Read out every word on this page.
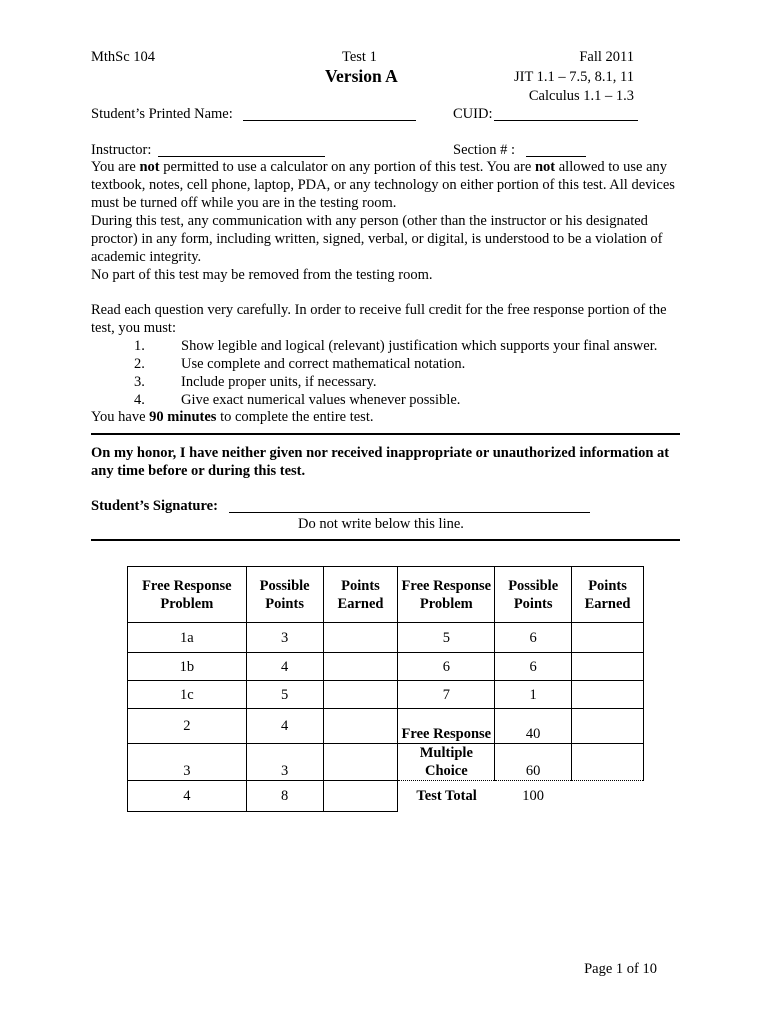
MthSc 104	Test 1
Version A
Fall 2011
JIT 1.1 – 7.5, 8.1, 11
Calculus 1.1 – 1.3
Student’s Printed Name:	CUID:
Instructor:	Section # :

You are not permitted to use a calculator on any portion of this test. You are not allowed to use any textbook, notes, cell phone, laptop, PDA, or any technology on either portion of this test. All devices must be turned off while you are in the testing room.

During this test, any communication with any person (other than the instructor or his designated proctor) in any form, including written, signed, verbal, or digital, is understood to be a violation of academic integrity.

No part of this test may be removed from the testing room.

Read each question very carefully. In order to receive full credit for the free response portion of the test, you must:
1. Show legible and logical (relevant) justification which supports your final answer.
2. Use complete and correct mathematical notation.
3. Include proper units, if necessary.
4. Give exact numerical values whenever possible.
You have 90 minutes to complete the entire test.
On my honor, I have neither given nor received inappropriate or unauthorized information at any time before or during this test.
Student’s Signature:
Do not write below this line.
Free Response Problem	Possible Points	Points Earned	Free Response Problem	Possible Points	Points Earned
1a	3		5	6	
1b	4		6	6	
1c	5		7	1	
2	4		Free Response	40	
3	3		Multiple Choice	60	
4	8		Test Total	100	
Page 1 of 10
